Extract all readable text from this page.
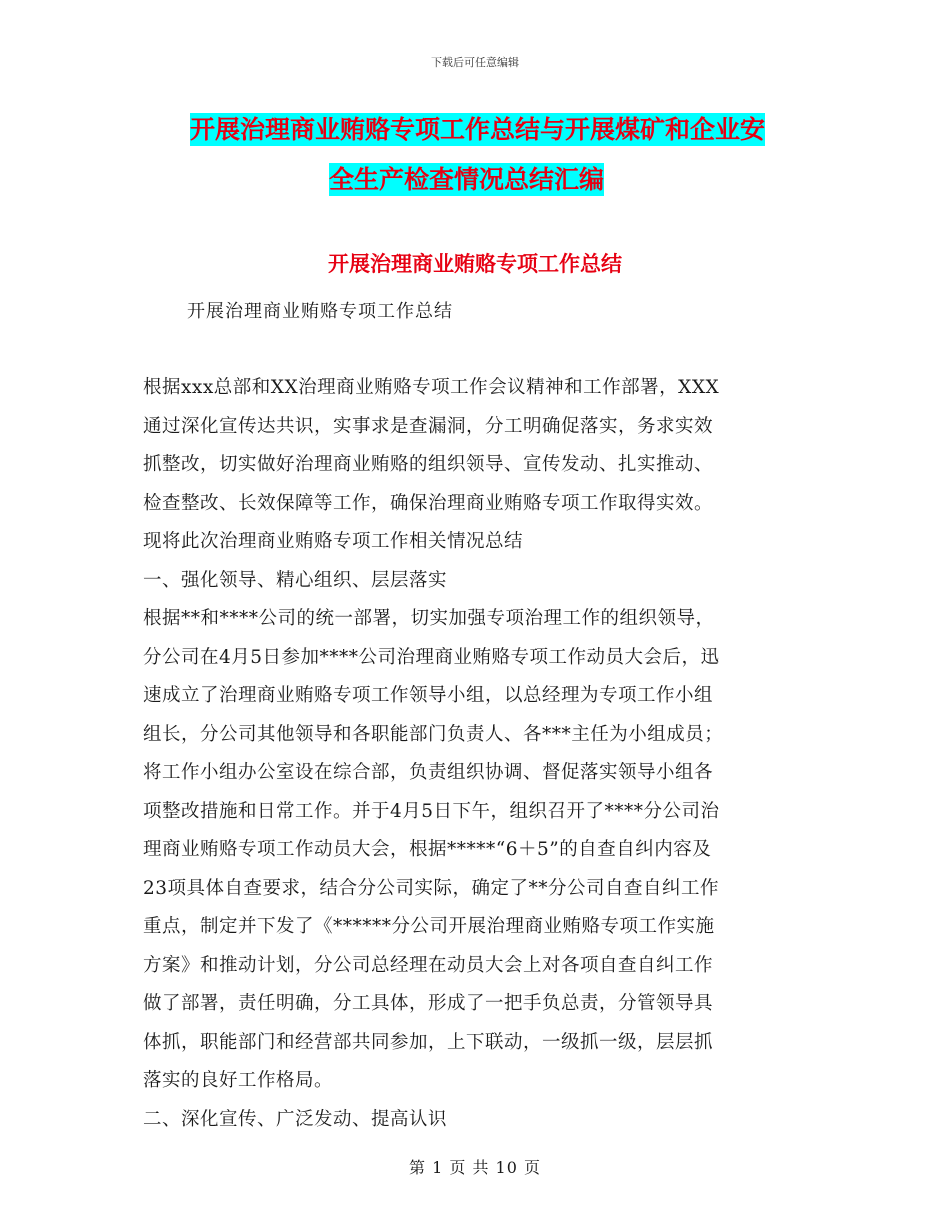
下载后可任意编辑
开展治理商业贿赂专项工作总结与开展煤矿和企业安
全生产检查情况总结汇编
开展治理商业贿赂专项工作总结
开展治理商业贿赂专项工作总结
根据xxx总部和XX治理商业贿赂专项工作会议精神和工作部署，XXX
通过深化宣传达共识，实事求是查漏洞，分工明确促落实，务求实效
抓整改，切实做好治理商业贿赂的组织领导、宣传发动、扎实推动、
检查整改、长效保障等工作，确保治理商业贿赂专项工作取得实效。
现将此次治理商业贿赂专项工作相关情况总结
一、强化领导、精心组织、层层落实
根据**和****公司的统一部署，切实加强专项治理工作的组织领导，
分公司在4月5日参加****公司治理商业贿赂专项工作动员大会后，迅
速成立了治理商业贿赂专项工作领导小组，以总经理为专项工作小组
组长，分公司其他领导和各职能部门负责人、各***主任为小组成员；
将工作小组办公室设在综合部，负责组织协调、督促落实领导小组各
项整改措施和日常工作。并于4月5日下午，组织召开了****分公司治
理商业贿赂专项工作动员大会，根据*****“6＋5”的自查自纠内容及
23项具体自查要求，结合分公司实际，确定了**分公司自查自纠工作
重点，制定并下发了《******分公司开展治理商业贿赂专项工作实施
方案》和推动计划，分公司总经理在动员大会上对各项自查自纠工作
做了部署，责任明确，分工具体，形成了一把手负总责，分管领导具
体抓，职能部门和经营部共同参加，上下联动，一级抓一级，层层抓
落实的良好工作格局。
二、深化宣传、广泛发动、提高认识
第 1 页 共 10 页
